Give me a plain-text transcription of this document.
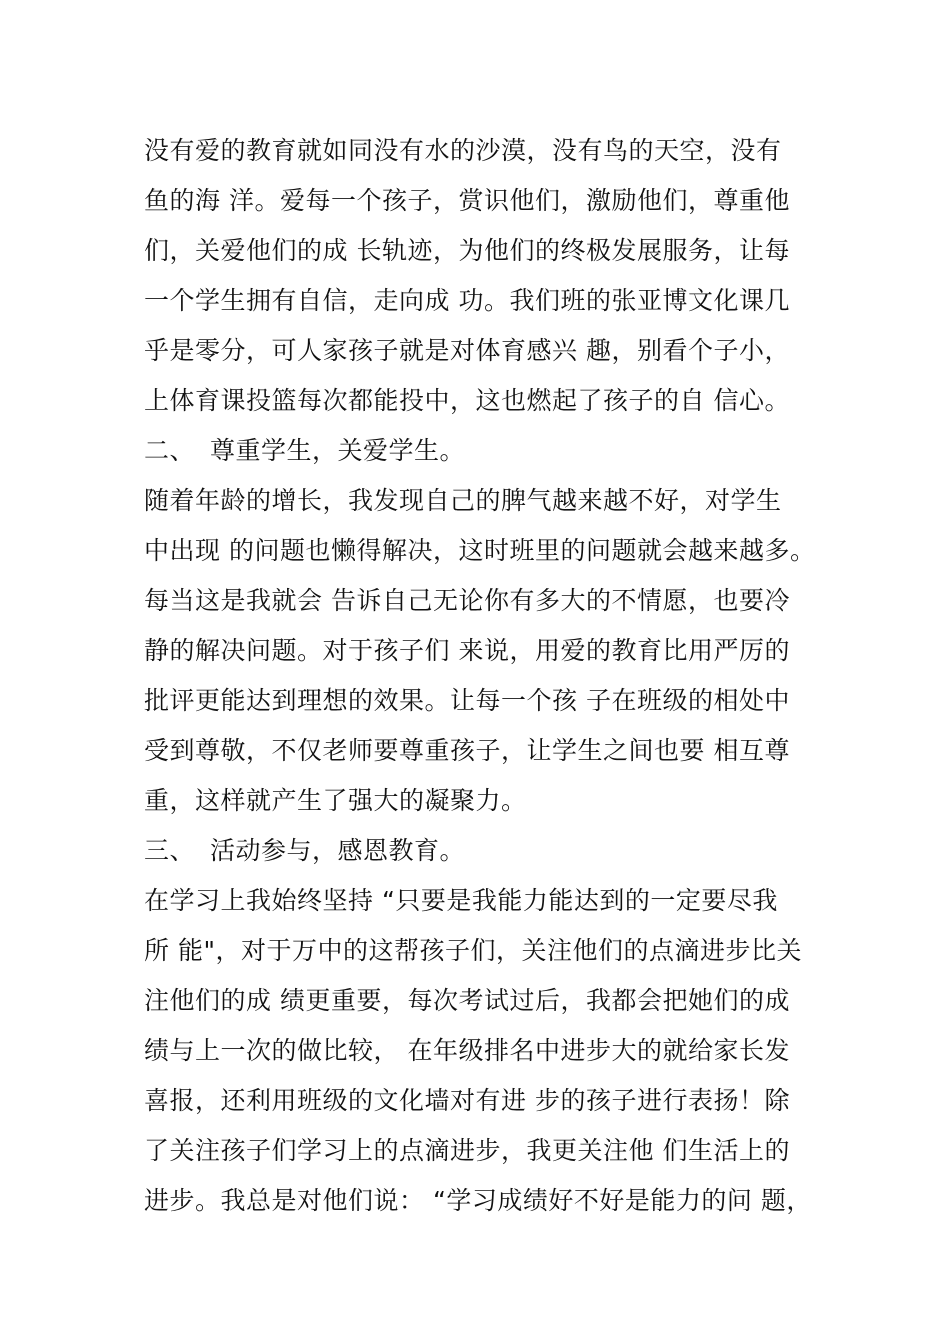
没有爱的教育就如同没有水的沙漠，没有鸟的天空，没有
鱼的海 洋。爱每一个孩子，赏识他们，激励他们，尊重他
们，关爱他们的成 长轨迹，为他们的终极发展服务，让每
一个学生拥有自信，走向成 功。我们班的张亚博文化课几
乎是零分，可人家孩子就是对体育感兴 趣，别看个子小，
上体育课投篮每次都能投中，这也燃起了孩子的自 信心。
二、 尊重学生，关爱学生。
随着年龄的增长，我发现自己的脾气越来越不好，对学生
中出现 的问题也懒得解决，这时班里的问题就会越来越多。
每当这是我就会 告诉自己无论你有多大的不情愿，也要冷
静的解决问题。对于孩子们 来说，用爱的教育比用严厉的
批评更能达到理想的效果。让每一个孩 子在班级的相处中
受到尊敬，不仅老师要尊重孩子，让学生之间也要 相互尊
重，这样就产生了强大的凝聚力。
三、 活动参与，感恩教育。
在学习上我始终坚持 “只要是我能力能达到的一定要尽我
所 能"，对于万中的这帮孩子们，关注他们的点滴进步比关
注他们的成 绩更重要，每次考试过后，我都会把她们的成
绩与上一次的做比较， 在年级排名中进步大的就给家长发
喜报，还利用班级的文化墙对有进 步的孩子进行表扬！除
了关注孩子们学习上的点滴进步，我更关注他 们生活上的
进步。我总是对他们说： “学习成绩好不好是能力的问 题，
